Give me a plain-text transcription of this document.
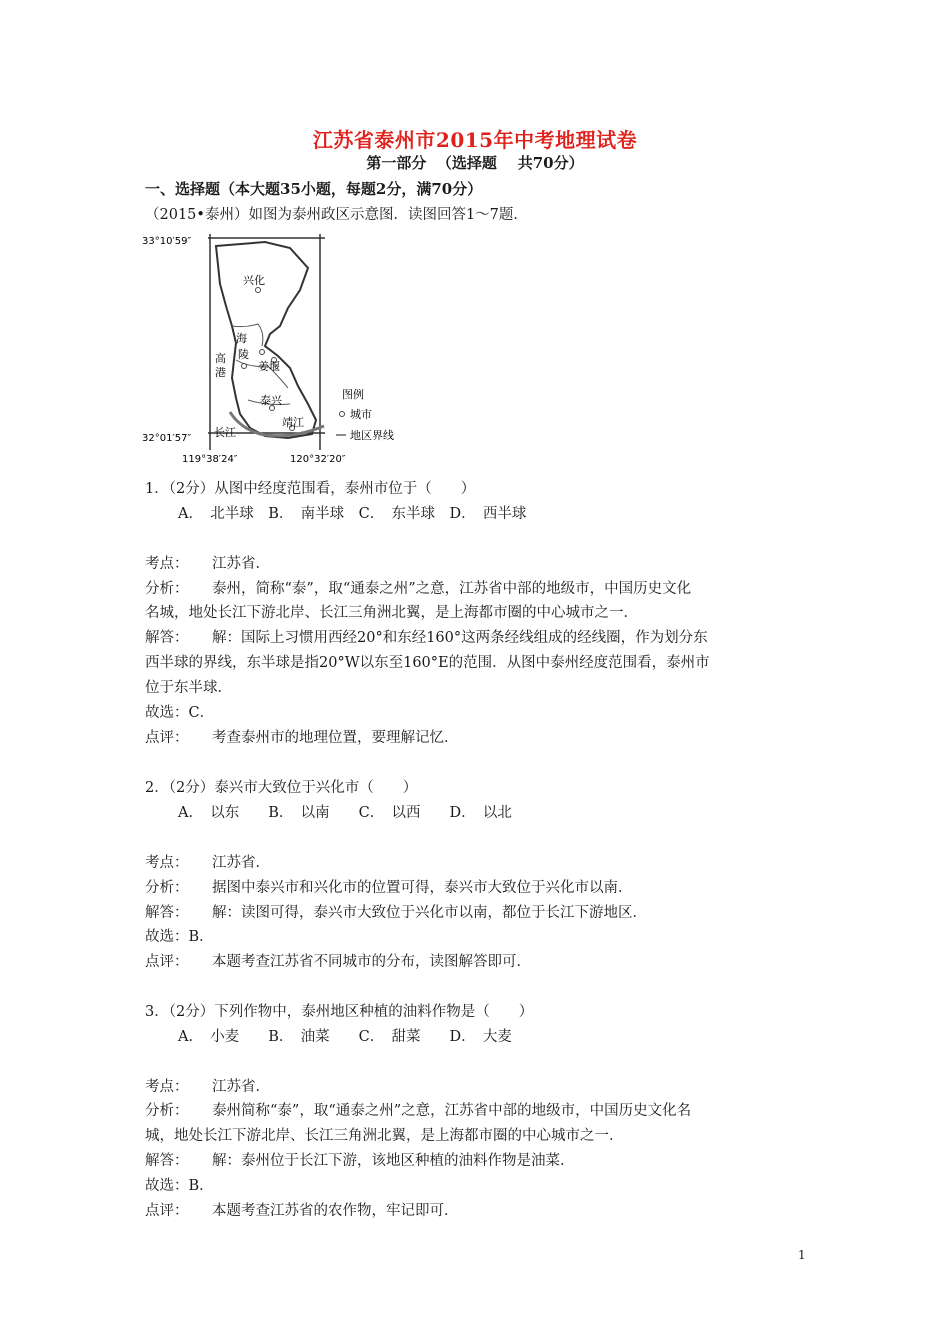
江苏省泰州市2015年中考地理试卷
第一部分  （选择题    共70分）
一、选择题（本大题35小题，每题2分，满70分）
（2015•泰州）如图为泰州政区示意图．读图回答1～7题．
33°10′59″
32°01′57″
119°38′24″	120°32′20″
兴化
海
陵
姜堰
高
港
泰兴
靖江
长江
图例
城市
地区界线
1．（2分）从图中经度范围看，泰州市位于（　　）
A．　北半球　B．　南半球　C．　东半球　D．　西半球
考点： 江苏省．
分析： 泰州，简称“泰”，取“通泰之州”之意，江苏省中部的地级市，中国历史文化
名城，地处长江下游北岸、长江三角洲北翼，是上海都市圈的中心城市之一．
解答： 解：国际上习惯用西经20°和东经160°这两条经线组成的经线圈，作为划分东
西半球的界线，东半球是指20°W以东至160°E的范围．从图中泰州经度范围看，泰州市
位于东半球．
故选：C．
点评： 考查泰州市的地理位置，要理解记忆．
2．（2分）泰兴市大致位于兴化市（　　）
A．　以东　　B．　以南　　C．　以西　　D．　以北
考点： 江苏省．
分析： 据图中泰兴市和兴化市的位置可得，泰兴市大致位于兴化市以南．
解答： 解：读图可得，泰兴市大致位于兴化市以南，都位于长江下游地区．
故选：B．
点评： 本题考查江苏省不同城市的分布，读图解答即可．
3．（2分）下列作物中，泰州地区种植的油料作物是（　　）
A．　小麦　　B．　油菜　　C．　甜菜　　D．　大麦
考点： 江苏省．
分析： 泰州简称“泰”，取“通泰之州”之意，江苏省中部的地级市，中国历史文化名
城，地处长江下游北岸、长江三角洲北翼，是上海都市圈的中心城市之一．
解答： 解：泰州位于长江下游，该地区种植的油料作物是油菜．
故选：B．
点评： 本题考查江苏省的农作物，牢记即可．
1
